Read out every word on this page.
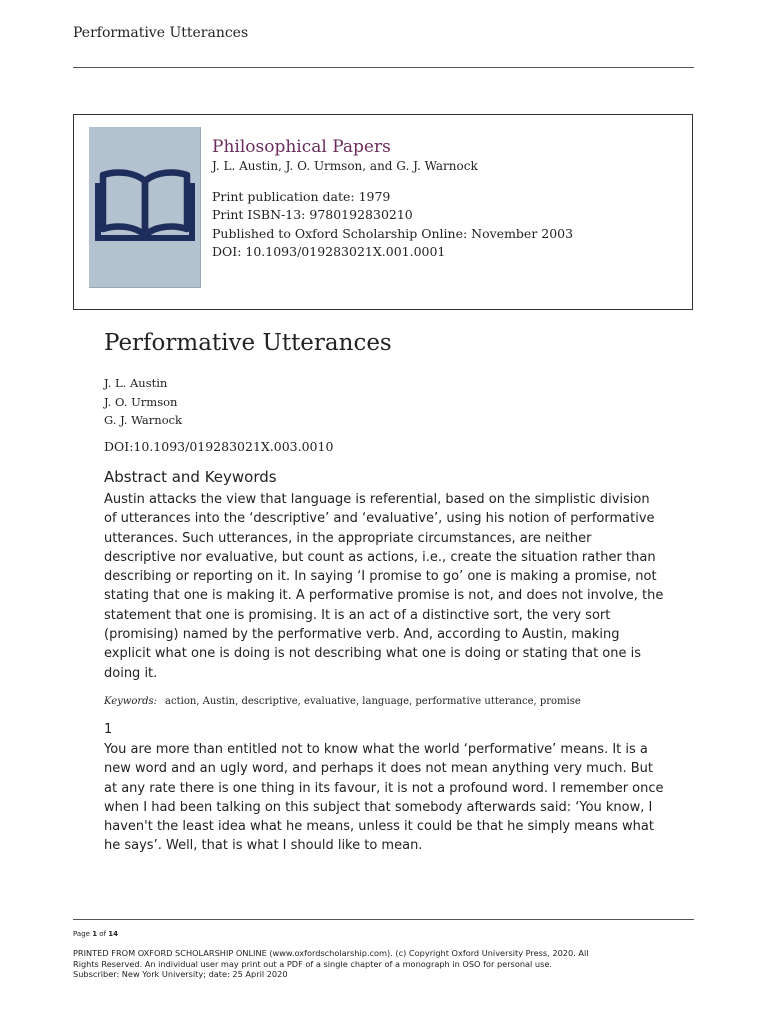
Performative Utterances
Philosophical Papers
J. L. Austin, J. O. Urmson, and G. J. Warnock
Print publication date: 1979
Print ISBN-13: 9780192830210
Published to Oxford Scholarship Online: November 2003
DOI: 10.1093/019283021X.001.0001
Performative Utterances
J. L. Austin
J. O. Urmson
G. J. Warnock
DOI:10.1093/019283021X.003.0010
Abstract and Keywords
Austin attacks the view that language is referential, based on the simplistic division of utterances into the ‘descriptive’ and ‘evaluative’, using his notion of performative utterances. Such utterances, in the appropriate circumstances, are neither descriptive nor evaluative, but count as actions, i.e., create the situation rather than describing or reporting on it. In saying ‘I promise to go’ one is making a promise, not stating that one is making it. A performative promise is not, and does not involve, the statement that one is promising. It is an act of a distinctive sort, the very sort (promising) named by the performative verb. And, according to Austin, making explicit what one is doing is not describing what one is doing or stating that one is doing it.
Keywords: action, Austin, descriptive, evaluative, language, performative utterance, promise
1
You are more than entitled not to know what the world ‘performative’ means. It is a new word and an ugly word, and perhaps it does not mean anything very much. But at any rate there is one thing in its favour, it is not a profound word. I remember once when I had been talking on this subject that somebody afterwards said: ‘You know, I haven't the least idea what he means, unless it could be that he simply means what he says’. Well, that is what I should like to mean.
Page 1 of 14
PRINTED FROM OXFORD SCHOLARSHIP ONLINE (www.oxfordscholarship.com). (c) Copyright Oxford University Press, 2020. All
Rights Reserved. An individual user may print out a PDF of a single chapter of a monograph in OSO for personal use.
Subscriber: New York University; date: 25 April 2020
